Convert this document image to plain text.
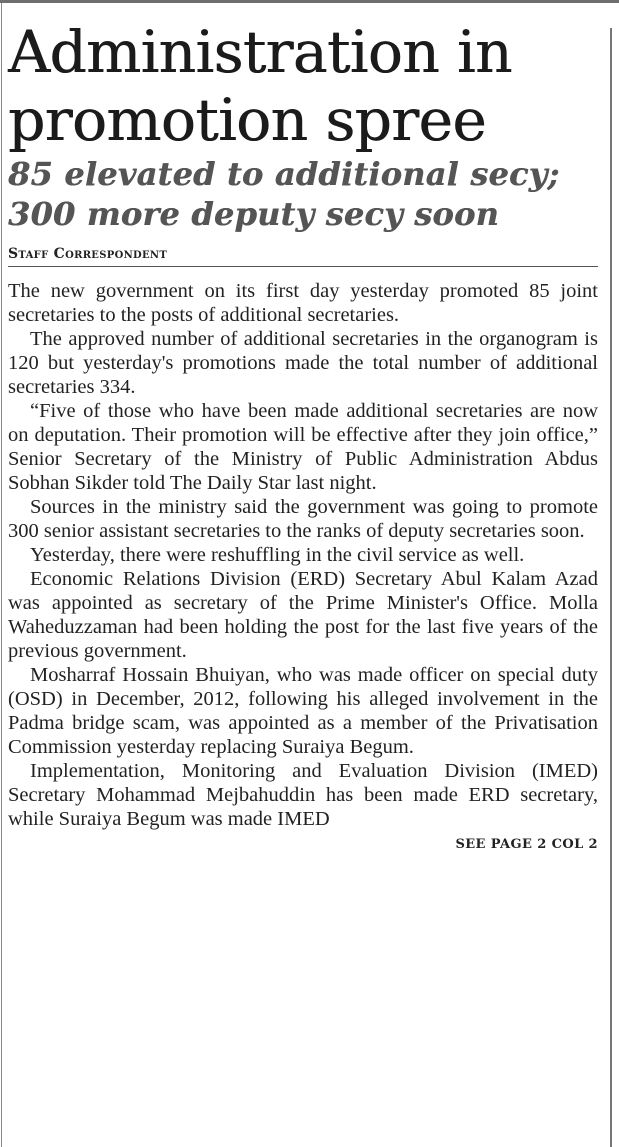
Administration in promotion spree
85 elevated to additional secy; 300 more deputy secy soon
Staff Correspondent

The new government on its first day yesterday promoted 85 joint secretaries to the posts of additional secretaries.

The approved number of additional secretaries in the organogram is 120 but yesterday's promotions made the total number of additional secretaries 334.

“Five of those who have been made additional secretaries are now on deputation. Their promotion will be effective after they join office,” Senior Secretary of the Ministry of Public Administration Abdus Sobhan Sikder told The Daily Star last night.

Sources in the ministry said the government was going to promote 300 senior assistant secretaries to the ranks of deputy secretaries soon.

Yesterday, there were reshuffling in the civil service as well.

Economic Relations Division (ERD) Secretary Abul Kalam Azad was appointed as secretary of the Prime Minister's Office. Molla Waheduzzaman had been holding the post for the last five years of the previous government.

Mosharraf Hossain Bhuiyan, who was made officer on special duty (OSD) in December, 2012, following his alleged involvement in the Padma bridge scam, was appointed as a member of the Privatisation Commission yesterday replacing Suraiya Begum.

Implementation, Monitoring and Evaluation Division (IMED) Secretary Mohammad Mejbahuddin has been made ERD secretary, while Suraiya Begum was made IMED

SEE PAGE 2 COL 2
